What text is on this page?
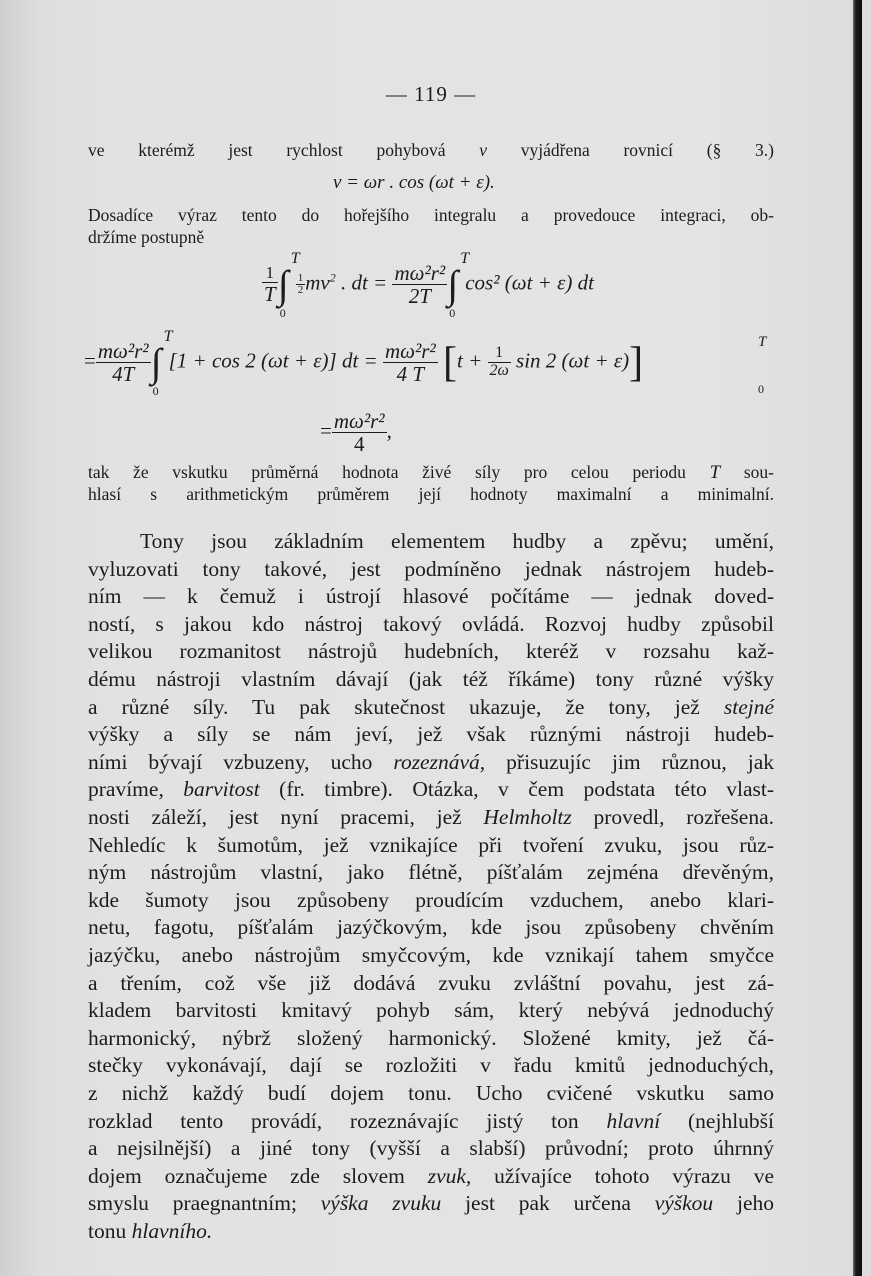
— 119 —
ve kterémž jest rychlost pohybová v vyjádřena rovnicí (§ 3.)
v = ωr . cos (ωt + ε).
Dosadíce výraz tento do hořejšího integralu a provedouce integraci, ob-
držíme postupně
$\frac{1}{T}$ ∫
T
0
$\frac{1}{2} mv^2$ . dt = $\frac{\text{mω²r²}}{2T}$ ∫
T
0
cos² (ωt + ε) dt
= $\frac{\text{mω²r²}}{4T}$ ∫
T
0
[1 + cos 2 (ωt + ε)] dt = $\frac{\text{mω²r²}}{4 T} [t + \frac{1}{2\omega}$ sin 2 (ωt + ε)]	T
0
= $\frac{\text{mω²r²}}{4}$ ,
tak že vskutku průměrná hodnota živé síly pro celou periodu T sou-
hlasí s arithmetickým průměrem její hodnoty maximalní a minimalní.
Tony jsou základním elementem hudby a zpěvu; umění,
vyluzovati tony takové, jest podmíněno jednak nástrojem hudeb-
ním — k čemuž i ústrojí hlasové počítáme — jednak doved-
ností, s jakou kdo nástroj takový ovládá. Rozvoj hudby způsobil
velikou rozmanitost nástrojů hudebních, kteréž v rozsahu kaž-
dému nástroji vlastním dávají (jak též říkáme) tony různé výšky
a různé síly. Tu pak skutečnost ukazuje, že tony, jež stejné
výšky a síly se nám jeví, jež však různými nástroji hudeb-
ními bývají vzbuzeny, ucho rozeznává, přisuzujíc jim různou, jak
pravíme, barvitost (fr. timbre). Otázka, v čem podstata této vlast-
nosti záleží, jest nyní pracemi, jež Helmholtz provedl, rozřešena.
Nehledíc k šumotům, jež vznikajíce při tvoření zvuku, jsou růz-
ným nástrojům vlastní, jako flétně, píšťalám zejména dřevěným,
kde šumoty jsou způsobeny proudícím vzduchem, anebo klari-
netu, fagotu, píšťalám jazýčkovým, kde jsou způsobeny chvěním
jazýčku, anebo nástrojům smyčcovým, kde vznikají tahem smyčce
a třením, což vše již dodává zvuku zvláštní povahu, jest zá-
kladem barvitosti kmitavý pohyb sám, který nebývá jednoduchý
harmonický, nýbrž složený harmonický. Složené kmity, jež čá-
stečky vykonávají, dají se rozložiti v řadu kmitů jednoduchých,
z nichž každý budí dojem tonu. Ucho cvičené vskutku samo
rozklad tento provádí, rozeznávajíc jistý ton hlavní (nejhlubší
a nejsilnější) a jiné tony (vyšší a slabší) průvodní; proto úhrnný
dojem označujeme zde slovem zvuk, užívajíce tohoto výrazu ve
smyslu praegnantním; výška zvuku jest pak určena výškou jeho
tonu hlavního.
